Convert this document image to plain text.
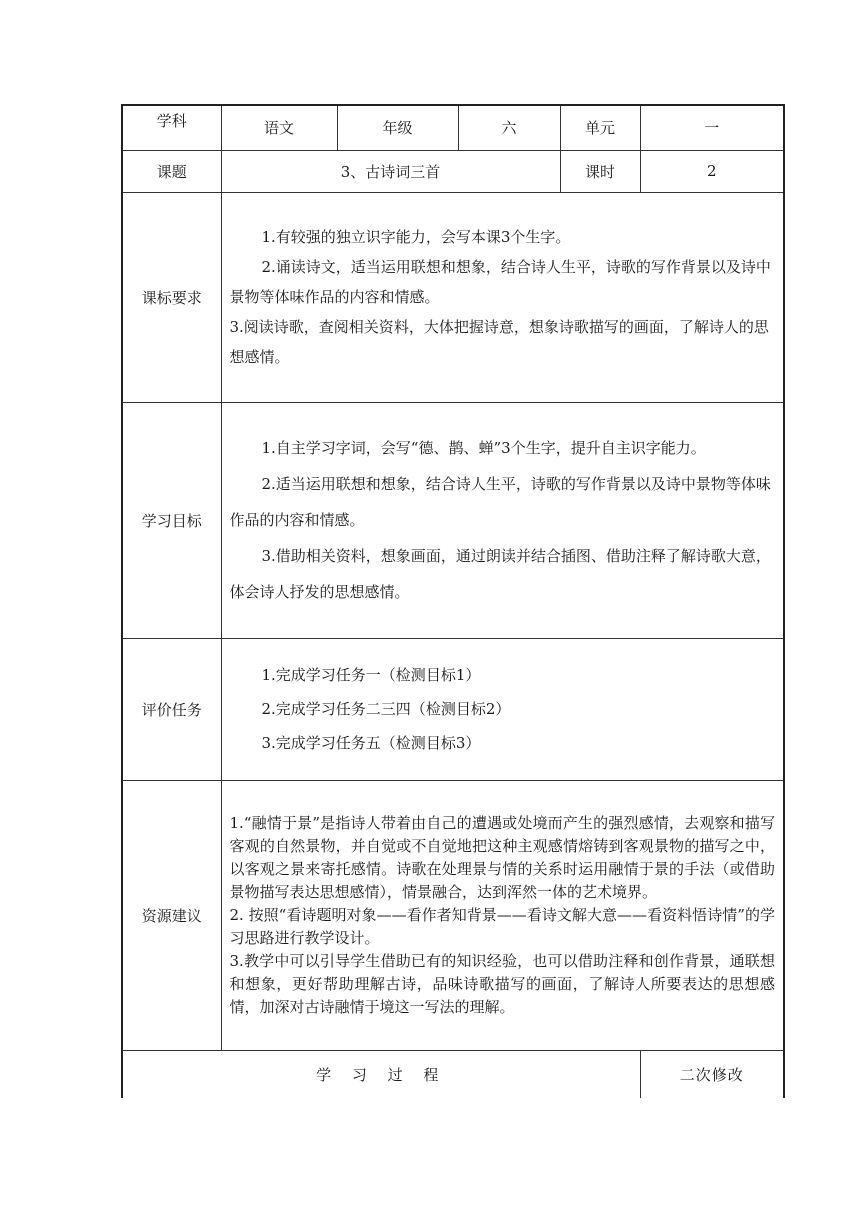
学科	语文	年级	六	单元	一
课题	3、古诗词三首			课时	2
课标要求	1.有较强的独立识字能力，会写本课3个生字。

2.诵读诗文，适当运用联想和想象，结合诗人生平，诗歌的写作背景以及诗中景物等体味作品的内容和情感。

3.阅读诗歌，查阅相关资料，大体把握诗意，想象诗歌描写的画面，了解诗人的思想感情。				

学习目标	1.自主学习字词，会写“德、鹊、蝉”3个生字，提升自主识字能力。

2.适当运用联想和想象，结合诗人生平，诗歌的写作背景以及诗中景物等体味作品的内容和情感。

3.借助相关资料，想象画面，通过朗读并结合插图、借助注释了解诗歌大意，体会诗人抒发的思想感情。				

评价任务	1.完成学习任务一（检测目标1）

2.完成学习任务二三四（检测目标2）

3.完成学习任务五（检测目标3）				

资源建议	1.“融情于景”是指诗人带着由自己的遭遇或处境而产生的强烈感情，去观察和描写客观的自然景物，并自觉或不自觉地把这种主观感情熔铸到客观景物的描写之中，以客观之景来寄托感情。诗歌在处理景与情的关系时运用融情于景的手法（或借助景物描写表达思想感情），情景融合，达到浑然一体的艺术境界。

2. 按照“看诗题明对象——看作者知背景——看诗文解大意——看资料悟诗情”的学习思路进行教学设计。

3.教学中可以引导学生借助已有的知识经验，也可以借助注释和创作背景，通联想和想象，更好帮助理解古诗，品味诗歌描写的画面，了解诗人所要表达的思想感情，加深对古诗融情于境这一写法的理解。				

学 习 过 程					二次修改
